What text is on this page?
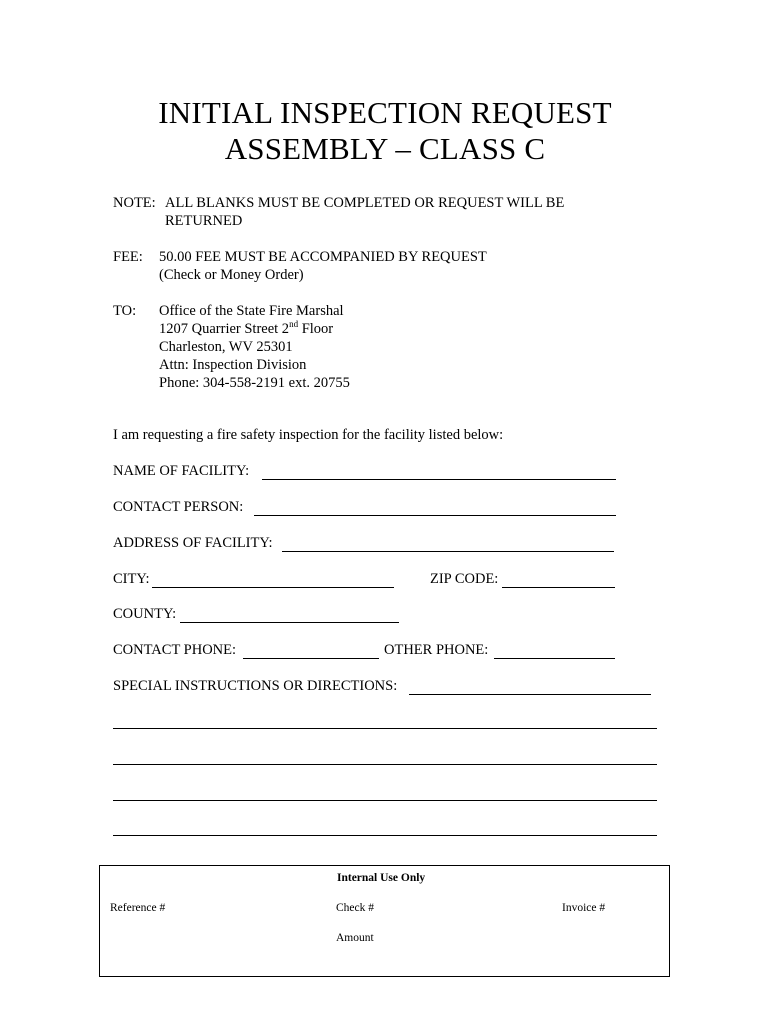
INITIAL INSPECTION REQUEST
ASSEMBLY – CLASS C
NOTE: ALL BLANKS MUST BE COMPLETED OR REQUEST WILL BE
RETURNED
FEE: 50.00 FEE MUST BE ACCOMPANIED BY REQUEST
(Check or Money Order)
TO: Office of the State Fire Marshal
1207 Quarrier Street 2nd Floor
Charleston, WV 25301
Attn: Inspection Division
Phone: 304-558-2191 ext. 20755
I am requesting a fire safety inspection for the facility listed below:
NAME OF FACILITY:
CONTACT PERSON:
ADDRESS OF FACILITY:
CITY:	ZIP CODE:
COUNTY:
CONTACT PHONE:	OTHER PHONE:
SPECIAL INSTRUCTIONS OR DIRECTIONS:
Internal Use Only
Reference #	Check #	Invoice #
Amount
